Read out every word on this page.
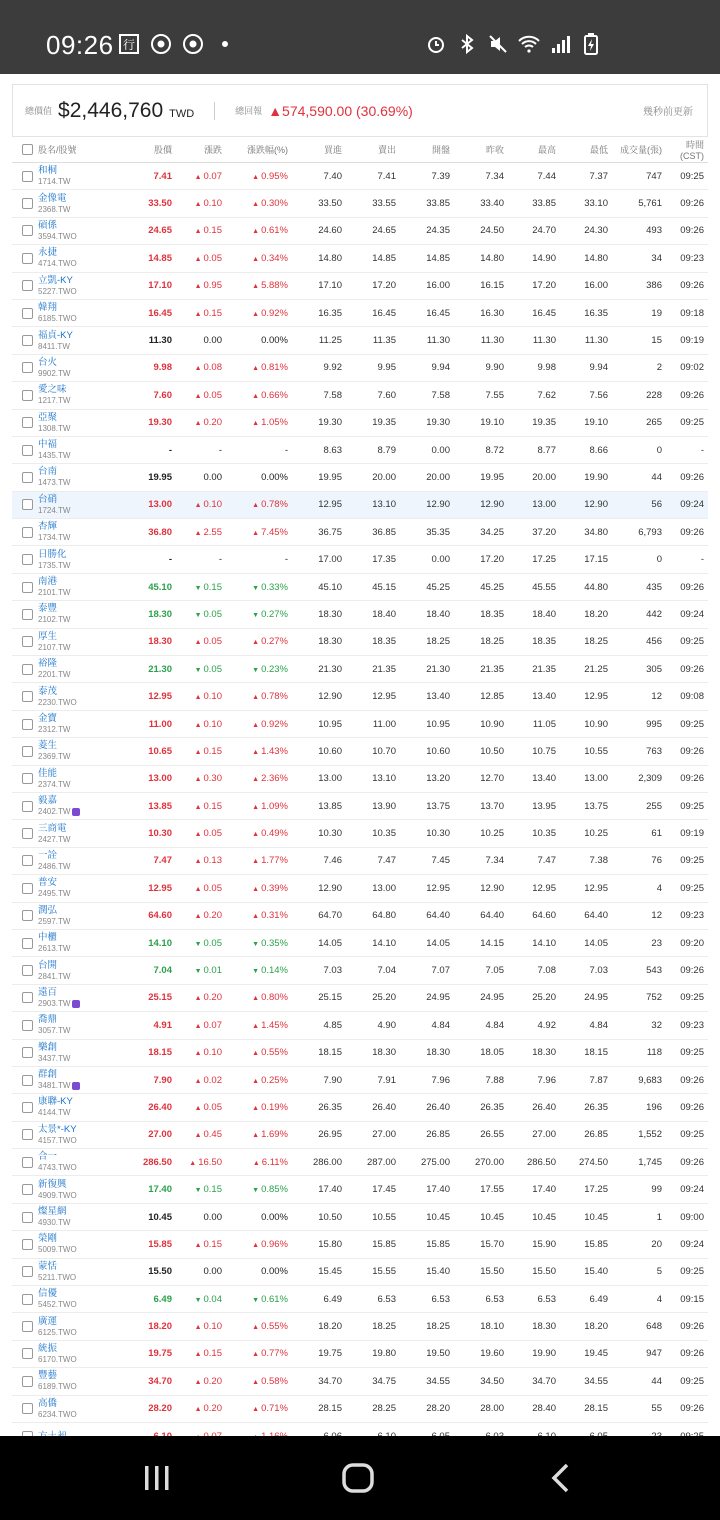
09:26 行
總價值 $2,446,760 TWD	總回報 ▲574,590.00 (30.69%)	幾秒前更新
	股名/股號	股價	漲跌	漲跌幅(%)	買進	賣出	開盤	昨收	最高	最低	成交量(張)	時間(CST)

	和桐
1714.TW	7.41	▲ 0.07	▲ 0.95%	7.40	7.41	7.39	7.34	7.44	7.37	747	09:25

	金像電
2368.TW	33.50	▲ 0.10	▲ 0.30%	33.50	33.55	33.85	33.40	33.85	33.10	5,761	09:26

	碩係
3594.TWO	24.65	▲ 0.15	▲ 0.61%	24.60	24.65	24.35	24.50	24.70	24.30	493	09:26

	永捷
4714.TWO	14.85	▲ 0.05	▲ 0.34%	14.80	14.85	14.85	14.80	14.90	14.80	34	09:23

	立凱-KY
5227.TWO	17.10	▲ 0.95	▲ 5.88%	17.10	17.20	16.00	16.15	17.20	16.00	386	09:26

	韓翔
6185.TWO	16.45	▲ 0.15	▲ 0.92%	16.35	16.45	16.45	16.30	16.45	16.35	19	09:18

	福貞-KY
8411.TW	11.30	0.00	0.00%	11.25	11.35	11.30	11.30	11.30	11.30	15	09:19

	台火
9902.TW	9.98	▲ 0.08	▲ 0.81%	9.92	9.95	9.94	9.90	9.98	9.94	2	09:02

	愛之味
1217.TW	7.60	▲ 0.05	▲ 0.66%	7.58	7.60	7.58	7.55	7.62	7.56	228	09:26

	亞聚
1308.TW	19.30	▲ 0.20	▲ 1.05%	19.30	19.35	19.30	19.10	19.35	19.10	265	09:25

	中福
1435.TW	-	-	-	8.63	8.79	0.00	8.72	8.77	8.66	0	-

	台南
1473.TW	19.95	0.00	0.00%	19.95	20.00	20.00	19.95	20.00	19.90	44	09:26

	台硝
1724.TW	13.00	▲ 0.10	▲ 0.78%	12.95	13.10	12.90	12.90	13.00	12.90	56	09:24

	杏輝
1734.TW	36.80	▲ 2.55	▲ 7.45%	36.75	36.85	35.35	34.25	37.20	34.80	6,793	09:26

	日勝化
1735.TW	-	-	-	17.00	17.35	0.00	17.20	17.25	17.15	0	-

	南港
2101.TW	45.10	▼ 0.15	▼ 0.33%	45.10	45.15	45.25	45.25	45.55	44.80	435	09:26

	泰豐
2102.TW	18.30	▼ 0.05	▼ 0.27%	18.30	18.40	18.40	18.35	18.40	18.20	442	09:24

	厚生
2107.TW	18.30	▲ 0.05	▲ 0.27%	18.30	18.35	18.25	18.25	18.35	18.25	456	09:25

	裕隆
2201.TW	21.30	▼ 0.05	▼ 0.23%	21.30	21.35	21.30	21.35	21.35	21.25	305	09:26

	泰茂
2230.TWO	12.95	▲ 0.10	▲ 0.78%	12.90	12.95	13.40	12.85	13.40	12.95	12	09:08

	金寶
2312.TW	11.00	▲ 0.10	▲ 0.92%	10.95	11.00	10.95	10.90	11.05	10.90	995	09:25

	菱生
2369.TW	10.65	▲ 0.15	▲ 1.43%	10.60	10.70	10.60	10.50	10.75	10.55	763	09:26

	佳能
2374.TW	13.00	▲ 0.30	▲ 2.36%	13.00	13.10	13.20	12.70	13.40	13.00	2,309	09:26

	毅嘉
2402.TW	13.85	▲ 0.15	▲ 1.09%	13.85	13.90	13.75	13.70	13.95	13.75	255	09:25

	三商電
2427.TW	10.30	▲ 0.05	▲ 0.49%	10.30	10.35	10.30	10.25	10.35	10.25	61	09:19

	一詮
2486.TW	7.47	▲ 0.13	▲ 1.77%	7.46	7.47	7.45	7.34	7.47	7.38	76	09:25

	普安
2495.TW	12.95	▲ 0.05	▲ 0.39%	12.90	13.00	12.95	12.90	12.95	12.95	4	09:25

	潤弘
2597.TW	64.60	▲ 0.20	▲ 0.31%	64.70	64.80	64.40	64.40	64.60	64.40	12	09:23

	中櫃
2613.TW	14.10	▼ 0.05	▼ 0.35%	14.05	14.10	14.05	14.15	14.10	14.05	23	09:20

	台開
2841.TW	7.04	▼ 0.01	▼ 0.14%	7.03	7.04	7.07	7.05	7.08	7.03	543	09:26

	遠百
2903.TW	25.15	▲ 0.20	▲ 0.80%	25.15	25.20	24.95	24.95	25.20	24.95	752	09:25

	喬鼎
3057.TW	4.91	▲ 0.07	▲ 1.45%	4.85	4.90	4.84	4.84	4.92	4.84	32	09:23

	樂創
3437.TW	18.15	▲ 0.10	▲ 0.55%	18.15	18.30	18.30	18.05	18.30	18.15	118	09:25

	群創
3481.TW	7.90	▲ 0.02	▲ 0.25%	7.90	7.91	7.96	7.88	7.96	7.87	9,683	09:26

	康聯-KY
4144.TW	26.40	▲ 0.05	▲ 0.19%	26.35	26.40	26.40	26.35	26.40	26.35	196	09:26

	太景*-KY
4157.TWO	27.00	▲ 0.45	▲ 1.69%	26.95	27.00	26.85	26.55	27.00	26.85	1,552	09:25

	合一
4743.TWO	286.50	▲ 16.50	▲ 6.11%	286.00	287.00	275.00	270.00	286.50	274.50	1,745	09:26

	新復興
4909.TWO	17.40	▼ 0.15	▼ 0.85%	17.40	17.45	17.40	17.55	17.40	17.25	99	09:24

	燦星網
4930.TW	10.45	0.00	0.00%	10.50	10.55	10.45	10.45	10.45	10.45	1	09:00

	榮剛
5009.TWO	15.85	▲ 0.15	▲ 0.96%	15.80	15.85	15.85	15.70	15.90	15.85	20	09:24

	蒙恬
5211.TWO	15.50	0.00	0.00%	15.45	15.55	15.40	15.50	15.50	15.40	5	09:25

	信優
5452.TWO	6.49	▼ 0.04	▼ 0.61%	6.49	6.53	6.53	6.53	6.53	6.49	4	09:15

	廣運
6125.TWO	18.20	▲ 0.10	▲ 0.55%	18.20	18.25	18.25	18.10	18.30	18.20	648	09:26

	統振
6170.TWO	19.75	▲ 0.15	▲ 0.77%	19.75	19.80	19.50	19.60	19.90	19.45	947	09:26

	豐藝
6189.TWO	34.70	▲ 0.20	▲ 0.58%	34.70	34.75	34.55	34.50	34.70	34.55	44	09:25

	高僑
6234.TWO	28.20	▲ 0.20	▲ 0.71%	28.15	28.25	28.20	28.00	28.40	28.15	55	09:26
